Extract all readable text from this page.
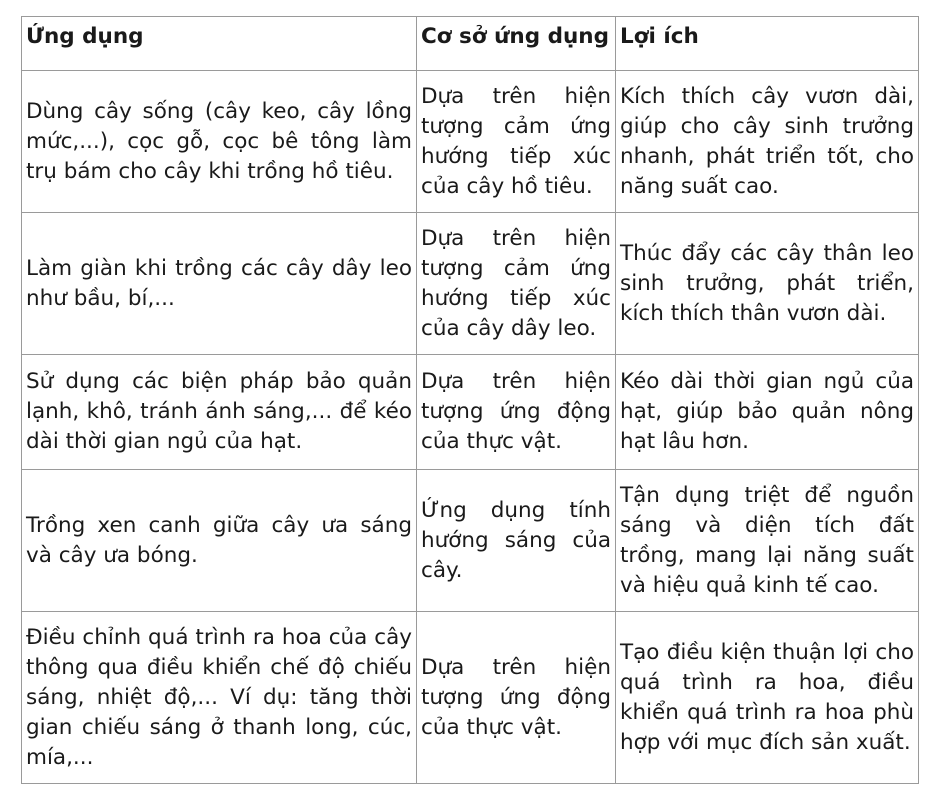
Ứng dụng	Cơ sở ứng dụng	Lợi ích
Dùng cây sống (cây keo, cây lồng mức,...), cọc gỗ, cọc bê tông làm trụ bám cho cây khi trồng hồ tiêu.	Dựa trên hiện tượng cảm ứng hướng tiếp xúc của cây hồ tiêu.	Kích thích cây vươn dài, giúp cho cây sinh trưởng nhanh, phát triển tốt, cho năng suất cao.
Làm giàn khi trồng các cây dây leo như bầu, bí,...	Dựa trên hiện tượng cảm ứng hướng tiếp xúc của cây dây leo.	Thúc đẩy các cây thân leo sinh trưởng, phát triển, kích thích thân vươn dài.
Sử dụng các biện pháp bảo quản lạnh, khô, tránh ánh sáng,... để kéo dài thời gian ngủ của hạt.	Dựa trên hiện tượng ứng động của thực vật.	Kéo dài thời gian ngủ của hạt, giúp bảo quản nông hạt lâu hơn.
Trồng xen canh giữa cây ưa sáng và cây ưa bóng.	Ứng dụng tính hướng sáng của cây.	Tận dụng triệt để nguồn sáng và diện tích đất trồng, mang lại năng suất và hiệu quả kinh tế cao.
Điều chỉnh quá trình ra hoa của cây thông qua điều khiển chế độ chiếu sáng, nhiệt độ,... Ví dụ: tăng thời gian chiếu sáng ở thanh long, cúc, mía,...	Dựa trên hiện tượng ứng động của thực vật.	Tạo điều kiện thuận lợi cho quá trình ra hoa, điều khiển quá trình ra hoa phù hợp với mục đích sản xuất.
